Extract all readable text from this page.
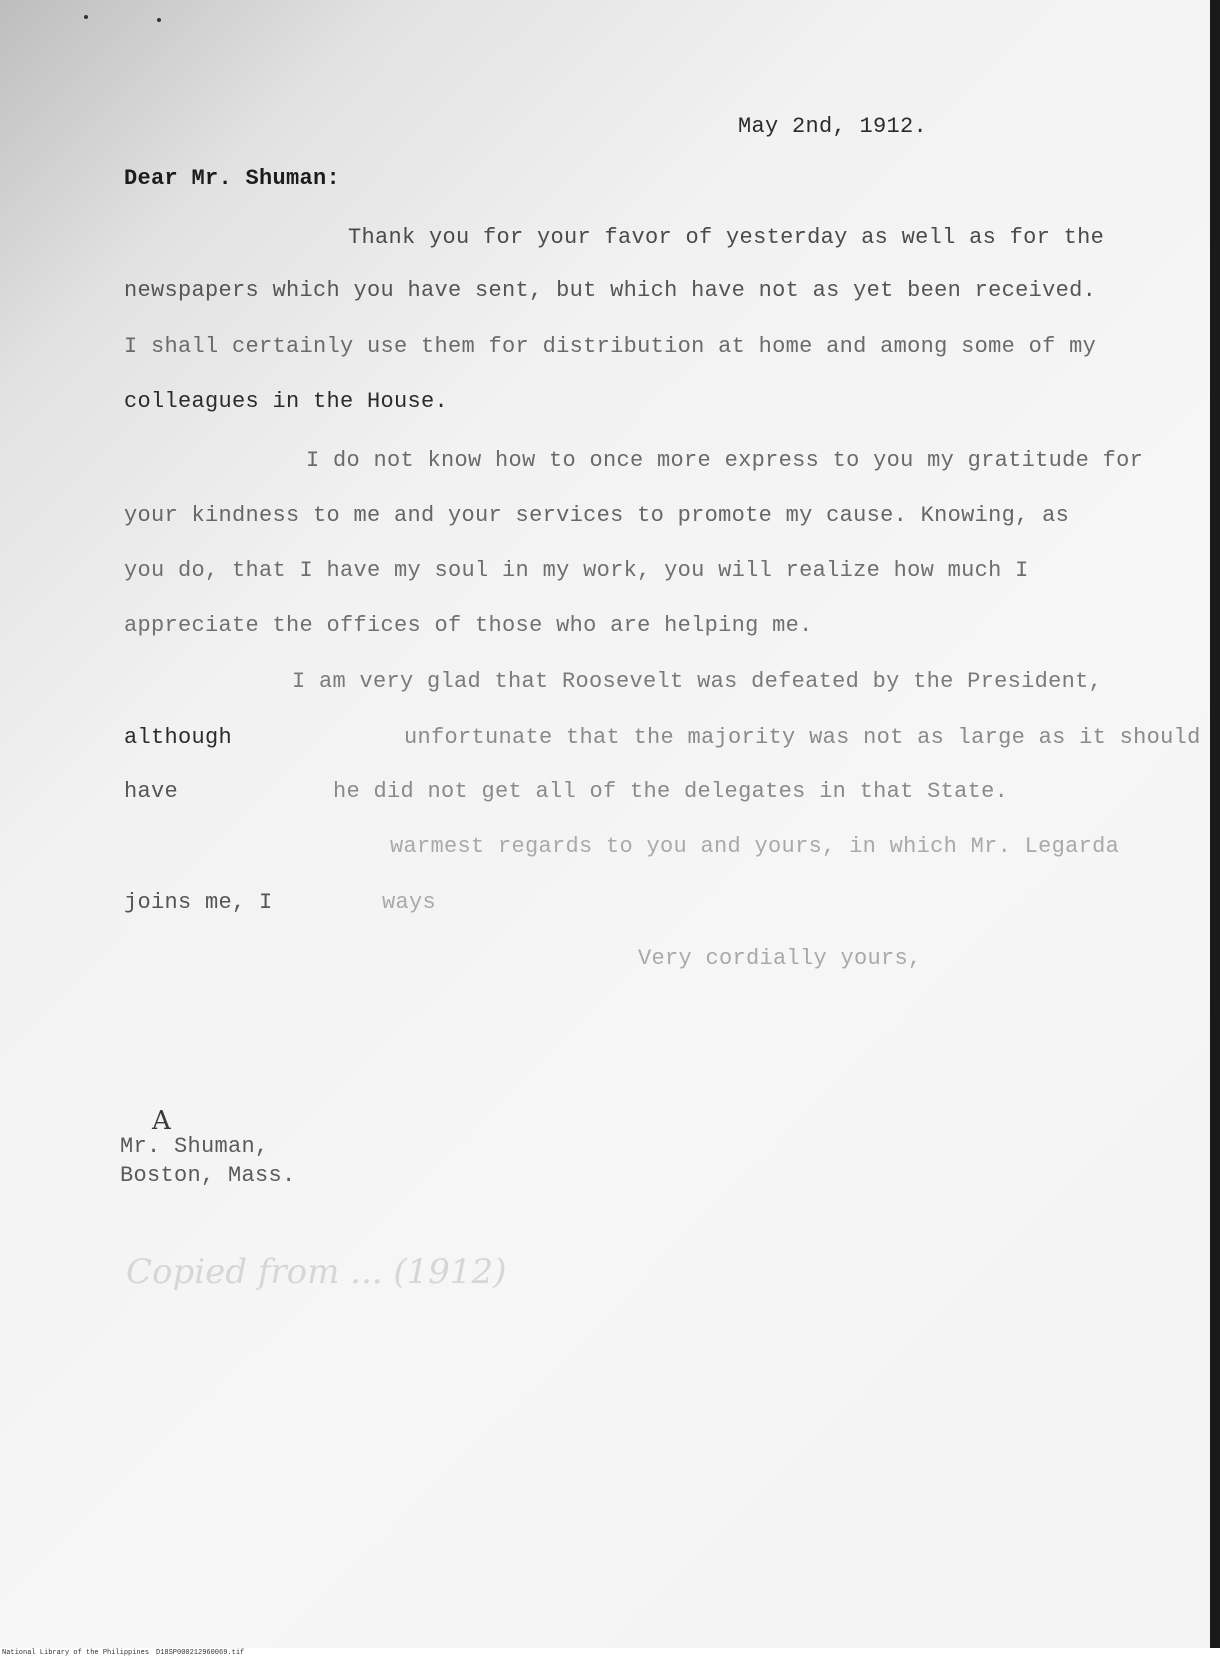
May 2nd, 1912.
Dear Mr. Shuman:
Thank you for your favor of yesterday as well as for the
newspapers which you have sent, but which have not as yet been received.
I shall certainly use them for distribution at home and among some of my
colleagues in the House.
I do not know how to once more express to you my gratitude for
your kindness to me and your services to promote my cause. Knowing, as
you do, that I have my soul in my work, you will realize how much I
appreciate the offices of those who are helping me.
I am very glad that Roosevelt was defeated by the President,
although	unfortunate that the majority was not as large as it should
have	he did not get all of the delegates in that State.
warmest regards to you and yours, in which Mr. Legarda
joins me, I	ways
Very cordially yours,
A
Mr. Shuman,
Boston, Mass.
Copied from ... (1912)
National Library of the Philippines D18SP000212960069.tif
